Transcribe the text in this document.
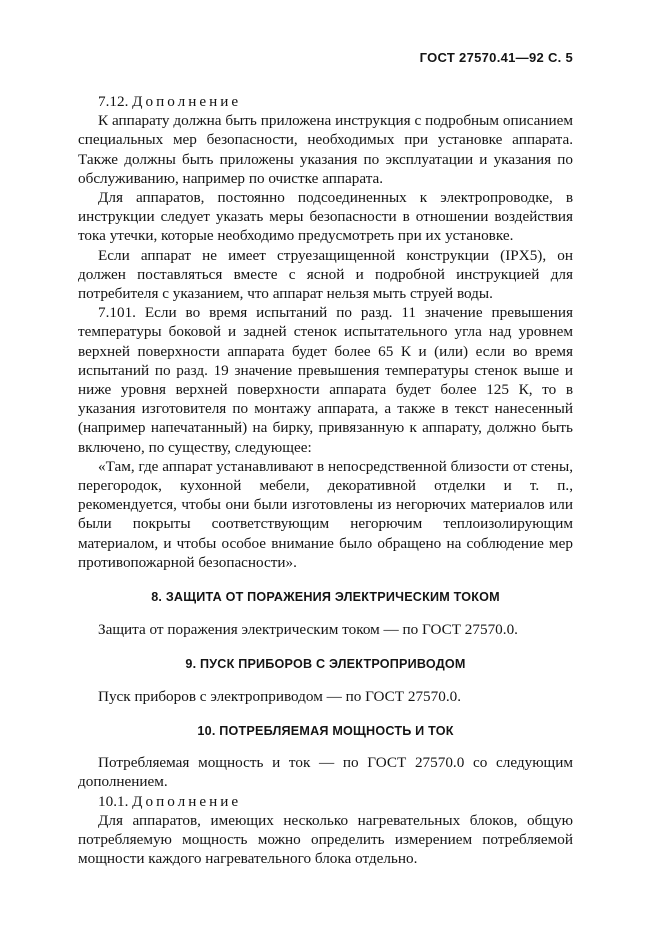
ГОСТ 27570.41—92 С. 5

7.12. Дополнение

К аппарату должна быть приложена инструкция с подробным описанием специальных мер безопасности, необходимых при установке аппарата. Также должны быть приложены указания по эксплуатации и указания по обслуживанию, например по очистке аппарата.

Для аппаратов, постоянно подсоединенных к электропроводке, в инструкции следует указать меры безопасности в отношении воздействия тока утечки, которые необходимо предусмотреть при их установке.

Если аппарат не имеет струезащищенной конструкции (IPX5), он должен поставляться вместе с ясной и подробной инструкцией для потребителя с указанием, что аппарат нельзя мыть струей воды.

7.101. Если во время испытаний по разд. 11 значение превышения температуры боковой и задней стенок испытательного угла над уровнем верхней поверхности аппарата будет более 65 К и (или) если во время испытаний по разд. 19 значение превышения температуры стенок выше и ниже уровня верхней поверхности аппарата будет более 125 К, то в указания изготовителя по монтажу аппарата, а также в текст нанесенный (например напечатанный) на бирку, привязанную к аппарату, должно быть включено, по существу, следующее:

«Там, где аппарат устанавливают в непосредственной близости от стены, перегородок, кухонной мебели, декоративной отделки и т. п., рекомендуется, чтобы они были изготовлены из негорючих материалов или были покрыты соответствующим негорючим теплоизолирующим материалом, и чтобы особое внимание было обращено на соблюдение мер противопожарной безопасности».

8. ЗАЩИТА ОТ ПОРАЖЕНИЯ ЭЛЕКТРИЧЕСКИМ ТОКОМ

Защита от поражения электрическим током — по ГОСТ 27570.0.

9. ПУСК ПРИБОРОВ С ЭЛЕКТРОПРИВОДОМ

Пуск приборов с электроприводом — по ГОСТ 27570.0.

10. ПОТРЕБЛЯЕМАЯ МОЩНОСТЬ И ТОК

Потребляемая мощность и ток — по ГОСТ 27570.0 со следующим дополнением.

10.1. Дополнение

Для аппаратов, имеющих несколько нагревательных блоков, общую потребляемую мощность можно определить измерением потребляемой мощности каждого нагревательного блока отдельно.
